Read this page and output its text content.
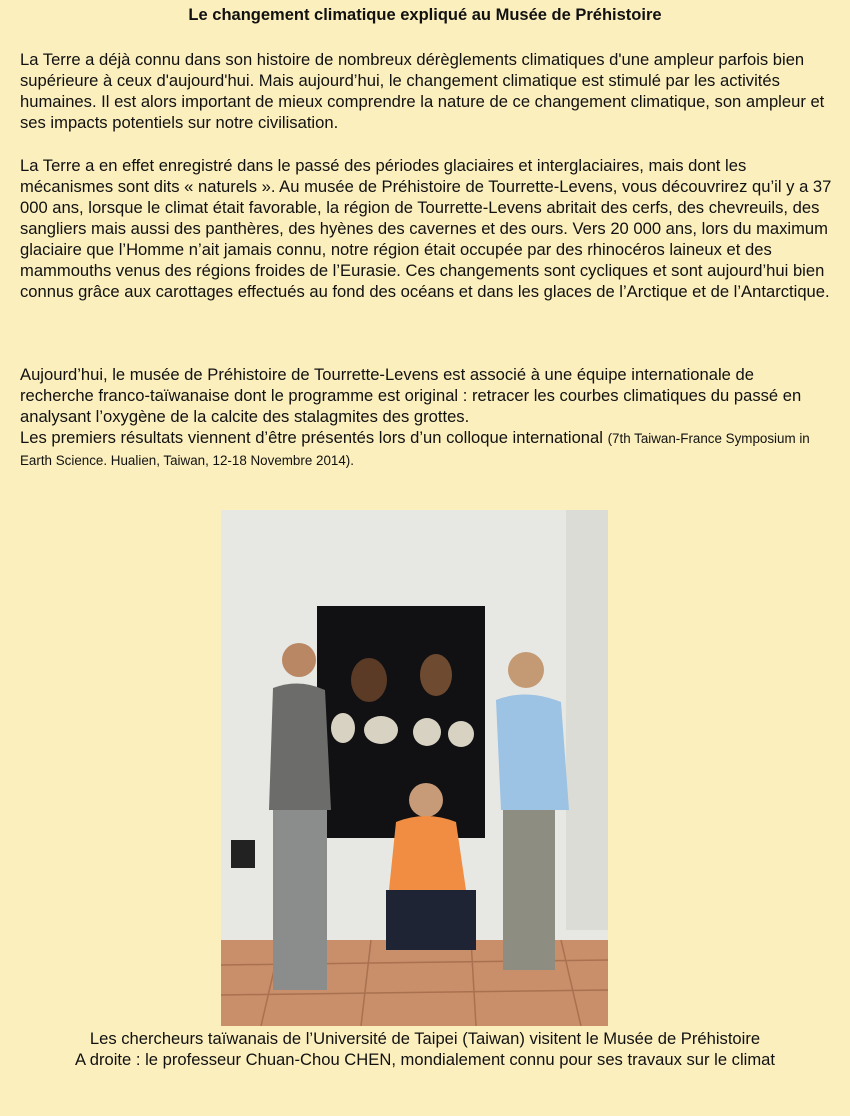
Le changement climatique expliqué au Musée de Préhistoire

La Terre a déjà connu dans son histoire de nombreux dérèglements climatiques d'une ampleur parfois bien supérieure à ceux d'aujourd'hui. Mais aujourd’hui, le changement climatique est stimulé par les activités humaines. Il est alors important de mieux comprendre la nature de ce changement climatique, son ampleur et ses impacts potentiels sur notre civilisation.

La Terre a en effet enregistré dans le passé des périodes glaciaires et interglaciaires, mais dont les mécanismes sont dits « naturels ». Au musée de Préhistoire de Tourrette-Levens, vous découvrirez qu’il y a 37 000 ans, lorsque le climat était favorable, la région de Tourrette-Levens abritait des cerfs, des chevreuils, des sangliers mais aussi des panthères, des hyènes des cavernes et des ours. Vers 20 000 ans, lors du maximum glaciaire que l’Homme n’ait jamais connu, notre région était occupée par des rhinocéros laineux et des mammouths venus des régions froides de l’Eurasie. Ces changements sont cycliques et sont aujourd’hui bien connus grâce aux carottages effectués au fond des océans et dans les glaces de l’Arctique et de l’Antarctique.

Aujourd’hui, le musée de Préhistoire de Tourrette-Levens est associé à une équipe internationale de recherche franco-taïwanaise dont le programme est original : retracer les courbes climatiques du passé en analysant l’oxygène de la calcite des stalagmites des grottes.

Les premiers résultats viennent d’être présentés lors d’un colloque international (7th Taiwan-France Symposium in Earth Science. Hualien, Taiwan, 12-18 Novembre 2014).

Les chercheurs taïwanais de l’Université de Taipei (Taiwan) visitent le Musée de Préhistoire
A droite : le professeur Chuan-Chou CHEN, mondialement connu pour ses travaux sur le climat
